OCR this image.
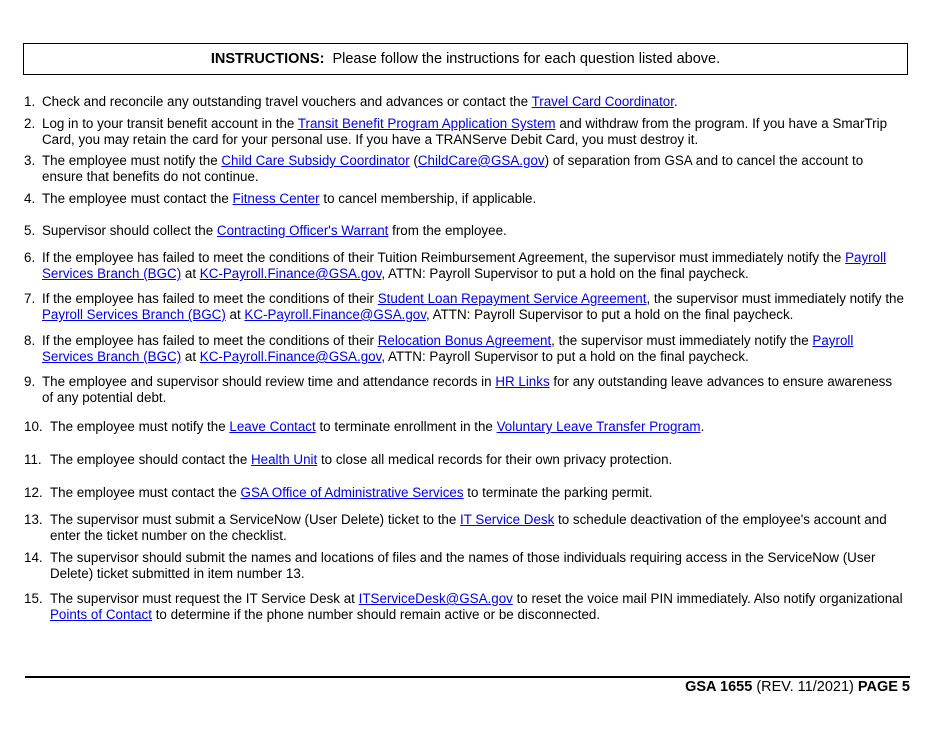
INSTRUCTIONS: Please follow the instructions for each question listed above.
1. Check and reconcile any outstanding travel vouchers and advances or contact the Travel Card Coordinator.
2. Log in to your transit benefit account in the Transit Benefit Program Application System and withdraw from the program. If you have a SmarTrip Card, you may retain the card for your personal use. If you have a TRANServe Debit Card, you must destroy it.
3. The employee must notify the Child Care Subsidy Coordinator (ChildCare@GSA.gov) of separation from GSA and to cancel the account to ensure that benefits do not continue.
4. The employee must contact the Fitness Center to cancel membership, if applicable.
5. Supervisor should collect the Contracting Officer's Warrant from the employee.
6. If the employee has failed to meet the conditions of their Tuition Reimbursement Agreement, the supervisor must immediately notify the Payroll Services Branch (BGC) at KC-Payroll.Finance@GSA.gov, ATTN: Payroll Supervisor to put a hold on the final paycheck.
7. If the employee has failed to meet the conditions of their Student Loan Repayment Service Agreement, the supervisor must immediately notify the Payroll Services Branch (BGC) at KC-Payroll.Finance@GSA.gov, ATTN: Payroll Supervisor to put a hold on the final paycheck.
8. If the employee has failed to meet the conditions of their Relocation Bonus Agreement, the supervisor must immediately notify the Payroll Services Branch (BGC) at KC-Payroll.Finance@GSA.gov, ATTN: Payroll Supervisor to put a hold on the final paycheck.
9. The employee and supervisor should review time and attendance records in HR Links for any outstanding leave advances to ensure awareness of any potential debt.
10. The employee must notify the Leave Contact to terminate enrollment in the Voluntary Leave Transfer Program.
11. The employee should contact the Health Unit to close all medical records for their own privacy protection.
12. The employee must contact the GSA Office of Administrative Services to terminate the parking permit.
13. The supervisor must submit a ServiceNow (User Delete) ticket to the IT Service Desk to schedule deactivation of the employee's account and enter the ticket number on the checklist.
14. The supervisor should submit the names and locations of files and the names of those individuals requiring access in the ServiceNow (User Delete) ticket submitted in item number 13.
15. The supervisor must request the IT Service Desk at ITServiceDesk@GSA.gov to reset the voice mail PIN immediately. Also notify organizational Points of Contact to determine if the phone number should remain active or be disconnected.
GSA 1655 (REV. 11/2021) PAGE 5
